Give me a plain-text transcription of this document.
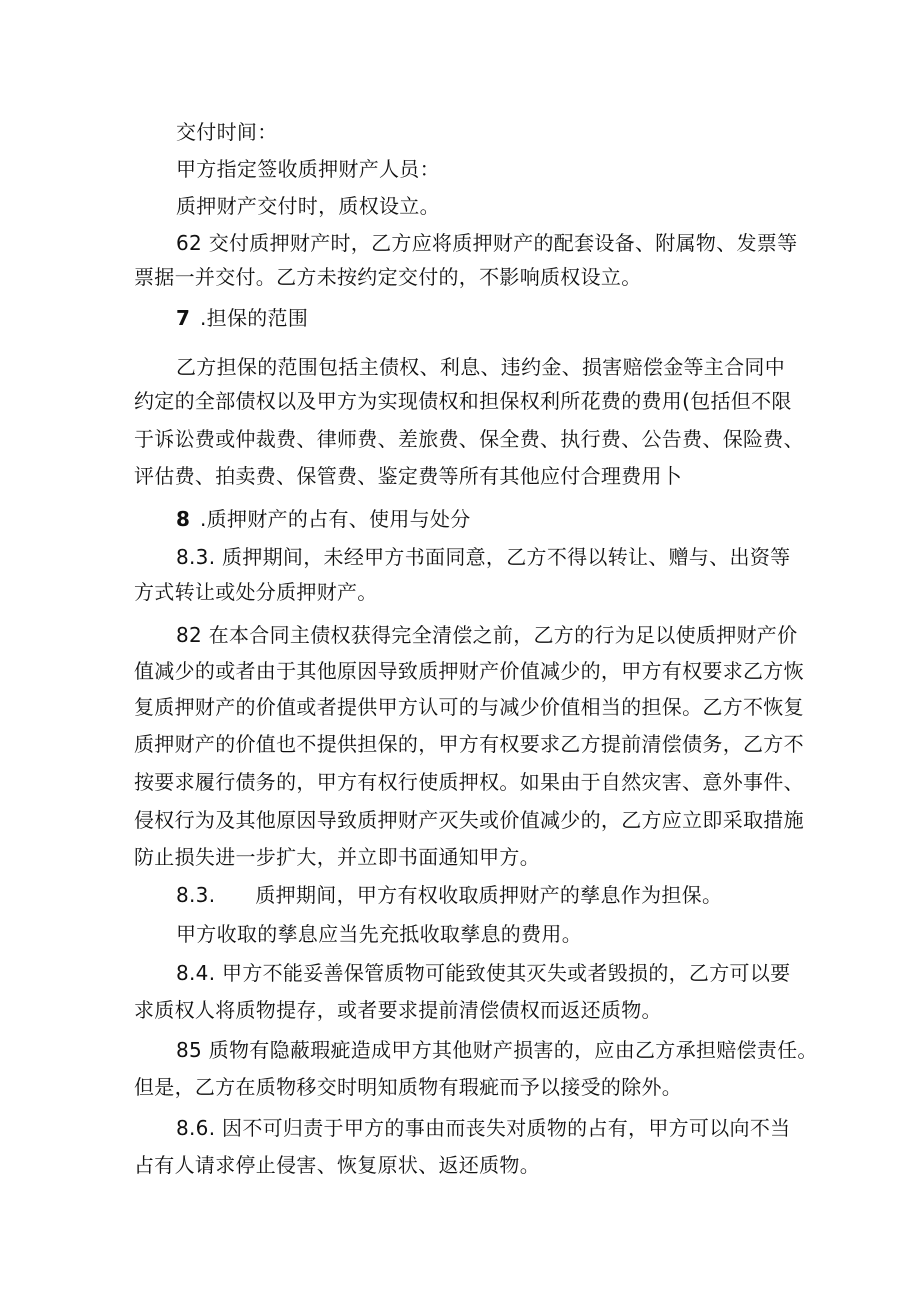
交付时间：
甲方指定签收质押财产人员：
质押财产交付时，质权设立。
62 交付质押财产时，乙方应将质押财产的配套设备、附属物、发票等
票据一并交付。乙方未按约定交付的，不影响质权设立。
7 .担保的范围
乙方担保的范围包括主债权、利息、违约金、损害赔偿金等主合同中
约定的全部债权以及甲方为实现债权和担保权利所花费的费用(包括但不限
于诉讼费或仲裁费、律师费、差旅费、保全费、执行费、公告费、保险费、
评估费、拍卖费、保管费、鉴定费等所有其他应付合理费用卜
8 .质押财产的占有、使用与处分
8.3. 质押期间，未经甲方书面同意，乙方不得以转让、赠与、出资等
方式转让或处分质押财产。
82 在本合同主债权获得完全清偿之前，乙方的行为足以使质押财产价
值减少的或者由于其他原因导致质押财产价值减少的，甲方有权要求乙方恢
复质押财产的价值或者提供甲方认可的与减少价值相当的担保。乙方不恢复
质押财产的价值也不提供担保的，甲方有权要求乙方提前清偿债务，乙方不
按要求履行债务的，甲方有权行使质押权。如果由于自然灾害、意外事件、
侵权行为及其他原因导致质押财产灭失或价值减少的，乙方应立即采取措施
防止损失进一步扩大，并立即书面通知甲方。
8.3. 质押期间，甲方有权收取质押财产的孳息作为担保。
甲方收取的孳息应当先充抵收取孳息的费用。
8.4. 甲方不能妥善保管质物可能致使其灭失或者毁损的，乙方可以要
求质权人将质物提存，或者要求提前清偿债权而返还质物。
85 质物有隐蔽瑕疵造成甲方其他财产损害的，应由乙方承担赔偿责任。
但是，乙方在质物移交时明知质物有瑕疵而予以接受的除外。
8.6. 因不可归责于甲方的事由而丧失对质物的占有，甲方可以向不当
占有人请求停止侵害、恢复原状、返还质物。
